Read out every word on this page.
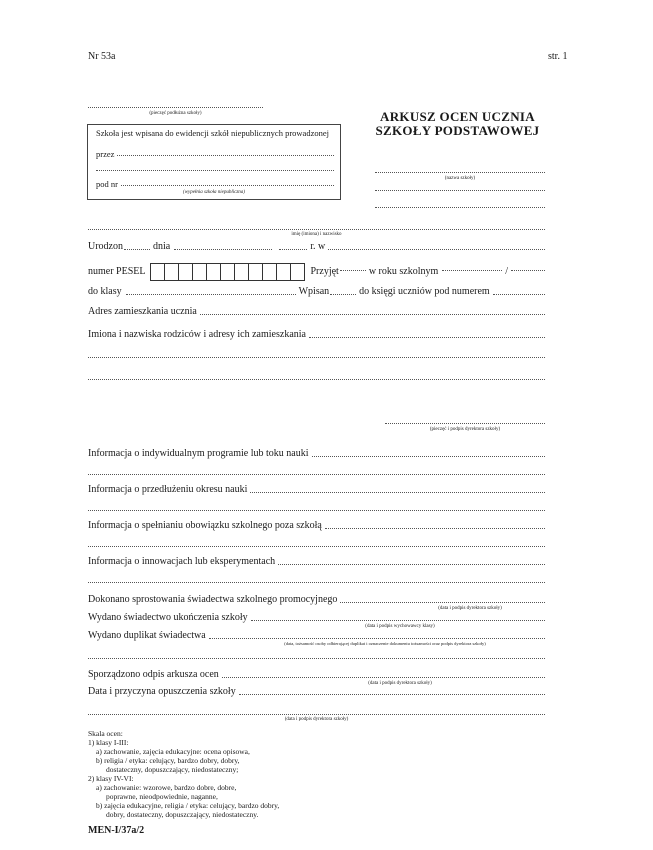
Nr 53a	str. 1
(pieczęć podłużna szkoły)
Szkoła jest wpisana do ewidencji szkół niepublicznych prowadzonej
przez
pod nr
(wypełnia szkoła niepubliczna)
ARKUSZ OCEN UCZNIA
SZKOŁY PODSTAWOWEJ
(nazwa szkoły)
imię (imiona) i nazwisko
Urodzon	dnia	r. w
numer PESEL	Przyjęt	w roku szkolnym	/
do klasy	Wpisan	do księgi uczniów pod numerem
Adres zamieszkania ucznia
Imiona i nazwiska rodziców i adresy ich zamieszkania
(pieczęć i podpis dyrektora szkoły)
Informacja o indywidualnym programie lub toku nauki
Informacja o przedłużeniu okresu nauki
Informacja o spełnianiu obowiązku szkolnego poza szkołą
Informacja o innowacjach lub eksperymentach
Dokonano sprostowania świadectwa szkolnego promocyjnego
(data i podpis dyrektora szkoły)
Wydano świadectwo ukończenia szkoły
(data i podpis wychowawcy klasy)
Wydano duplikat świadectwa
(data, tożsamość osoby odbierającej duplikat i oznaczenie dokumentu tożsamości oraz podpis dyrektora szkoły)
Sporządzono odpis arkusza ocen
(data i podpis dyrektora szkoły)
Data i przyczyna opuszczenia szkoły
(data i podpis dyrektora szkoły)
Skala ocen:
1) klasy I-III:
a) zachowanie, zajęcia edukacyjne: ocena opisowa,
b) religia / etyka: celujący, bardzo dobry, dobry,
dostateczny, dopuszczający, niedostateczny;
2) klasy IV-VI:
a) zachowanie: wzorowe, bardzo dobre, dobre,
poprawne, nieodpowiednie, naganne,
b) zajęcia edukacyjne, religia / etyka: celujący, bardzo dobry,
dobry, dostateczny, dopuszczający, niedostateczny.
MEN-I/37a/2
